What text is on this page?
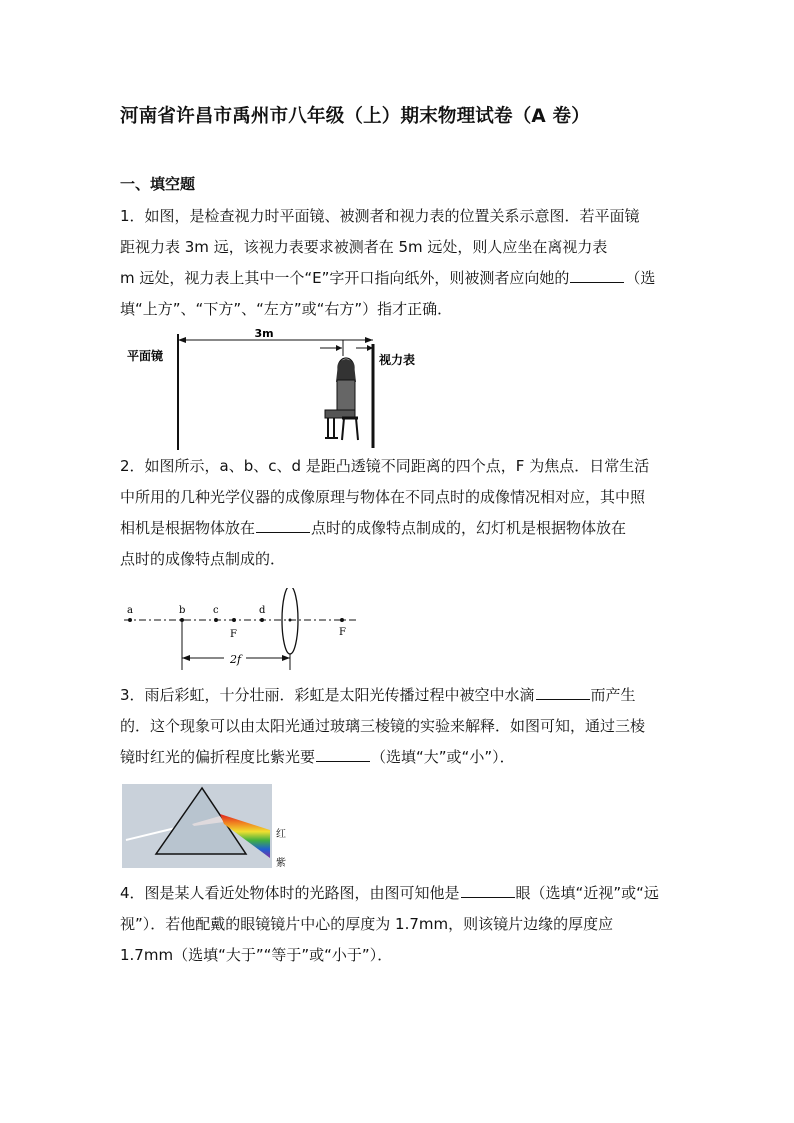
河南省许昌市禹州市八年级（上）期末物理试卷（A 卷）
一、填空题
1．如图，是检查视力时平面镜、被测者和视力表的位置关系示意图．若平面镜
距视力表 3m 远，该视力表要求被测者在 5m 远处，则人应坐在离视力表
m 远处，视力表上其中一个“E”字开口指向纸外，则被测者应向她的	（选
填“上方”、“下方”、“左方”或“右方”）指才正确．
3m
平面镜	视力表
2．如图所示，a、b、c、d 是距凸透镜不同距离的四个点，F 为焦点．日常生活
中所用的几种光学仪器的成像原理与物体在不同点时的成像情况相对应，其中照
相机是根据物体放在	点时的成像特点制成的，幻灯机是根据物体放在
点时的成像特点制成的．
a	b	c	d
F	F
2f
3．雨后彩虹，十分壮丽．彩虹是太阳光传播过程中被空中水滴	而产生
的．这个现象可以由太阳光通过玻璃三棱镜的实验来解释．如图可知，通过三棱
镜时红光的偏折程度比紫光要	（选填“大”或“小”）．
红
紫
4．图是某人看近处物体时的光路图，由图可知他是	眼（选填“近视”或“远
视”）．若他配戴的眼镜镜片中心的厚度为 1.7mm，则该镜片边缘的厚度应
1.7mm（选填“大于”“等于”或“小于”）．
